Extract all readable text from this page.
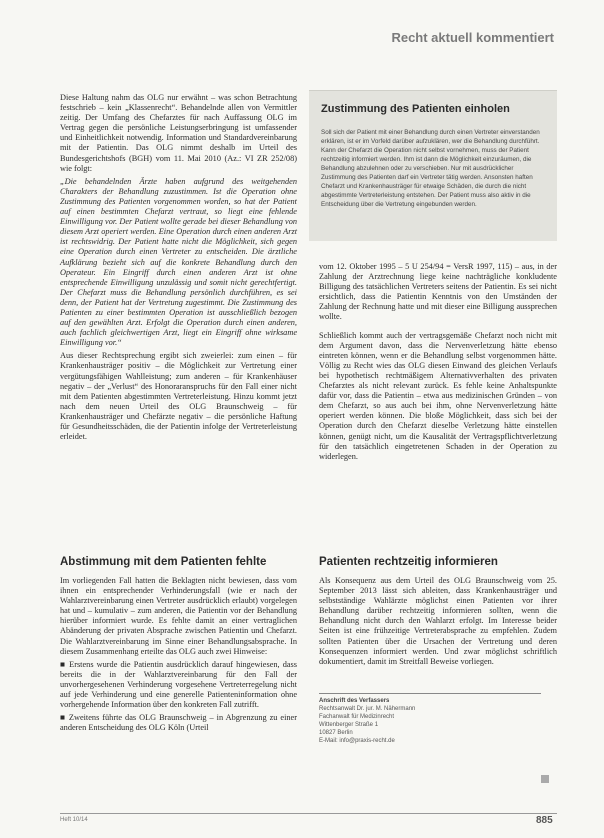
Recht aktuell kommentiert

Diese Haltung nahm das OLG nur erwähnt – was schon Betrachtung festschrieb – kein „Klassenrecht“. Behandelnde allen von Vermittler zeitig. Der Umfang des Chefarztes für nach Auffassung OLG im Vertrag gegen die persönliche Leistungserbringung ist umfassender und Einheitlichkeit notwendig. Information und Standardvereinbarung mit der Patientin. Das OLG nimmt deshalb im Urteil des Bundesgerichtshofs (BGH) vom 11. Mai 2010 (Az.: VI ZR 252/08) wie folgt:

„Die behandelnden Ärzte haben aufgrund des weitgehenden Charakters der Behandlung zuzustimmen. Ist die Operation ohne Zustimmung des Patienten vorgenommen worden, so hat der Patient auf einen bestimmten Chefarzt vertraut, so liegt eine fehlende Einwilligung vor. Der Patient wollte gerade bei dieser Behandlung von diesem Arzt operiert werden. Eine Operation durch einen anderen Arzt ist rechtswidrig. Der Patient hatte nicht die Möglichkeit, sich gegen eine Operation durch einen Vertreter zu entscheiden. Die ärztliche Aufklärung bezieht sich auf die konkrete Behandlung durch den Operateur. Ein Eingriff durch einen anderen Arzt ist ohne entsprechende Einwilligung unzulässig und somit nicht gerechtfertigt. Der Chefarzt muss die Behandlung persönlich durchführen, es sei denn, der Patient hat der Vertretung zugestimmt. Die Zustimmung des Patienten zu einer bestimmten Operation ist ausschließlich bezogen auf den gewählten Arzt. Erfolgt die Operation durch einen anderen, auch fachlich gleichwertigen Arzt, liegt ein Eingriff ohne wirksame Einwilligung vor.“

Aus dieser Rechtsprechung ergibt sich zweierlei: zum einen – für Krankenhausträger positiv – die Möglichkeit zur Vertretung einer vergütungsfähigen Wahlleistung; zum anderen – für Krankenhäuser negativ – der „Verlust“ des Honoraranspruchs für den Fall einer nicht mit dem Patienten abgestimmten Vertreterleistung. Hinzu kommt jetzt nach dem neuen Urteil des OLG Braunschweig – für Krankenhausträger und Chefärzte negativ – die persönliche Haftung für Gesundheitsschäden, die der Patientin infolge der Vertreterleistung erleidet.

Abstimmung mit dem Patienten fehlte

Im vorliegenden Fall hatten die Beklagten nicht bewiesen, dass vom ihnen ein entsprechender Verhinderungsfall (wie er nach der Wahlarztvereinbarung einen Vertreter ausdrücklich erlaubt) vorgelegen hat und – kumulativ – zum anderen, die Patientin vor der Behandlung hierüber informiert wurde. Es fehlte damit an einer vertraglichen Abänderung der privaten Absprache zwischen Patientin und Chefarzt. Die Wahlarztvereinbarung im Sinne einer Behandlungsabsprache. In diesem Zusammenhang erteilte das OLG auch zwei Hinweise:

■ Erstens wurde die Patientin ausdrücklich darauf hingewiesen, dass bereits die in der Wahlarztvereinbarung für den Fall der unvorhergesehenen Verhinderung vorgesehene Vertreterregelung nicht auf jede Verhinderung und eine generelle Patienteninformation ohne vorhergehende Information über den konkreten Fall zutrifft.

■ Zweitens führte das OLG Braunschweig – in Abgrenzung zu einer anderen Entscheidung des OLG Köln (Urteil

Zustimmung des Patienten einholen
Soll sich der Patient mit einer Behandlung durch einen Vertreter einverstanden erklären, ist er im Vorfeld darüber aufzuklären, wer die Behandlung durchführt. Kann der Chefarzt die Operation nicht selbst vornehmen, muss der Patient rechtzeitig informiert werden. Ihm ist dann die Möglichkeit einzuräumen, die Behandlung abzulehnen oder zu verschieben. Nur mit ausdrücklicher Zustimmung des Patienten darf ein Vertreter tätig werden. Ansonsten haften Chefarzt und Krankenhausträger für etwaige Schäden, die durch die nicht abgestimmte Vertreterleistung entstehen. Der Patient muss also aktiv in die Entscheidung über die Vertretung eingebunden werden.

vom 12. Oktober 1995 – 5 U 254/94 = VersR 1997, 115) – aus, in der Zahlung der Arztrechnung liege keine nachträgliche konkludente Billigung des tatsächlichen Vertreters seitens der Patientin. Es sei nicht ersichtlich, dass die Patientin Kenntnis von den Umständen der Zahlung der Rechnung hatte und mit dieser eine Billigung aussprechen wollte.

Schließlich kommt auch der vertragsgemäße Chefarzt noch nicht mit dem Argument davon, dass die Nervenverletzung hätte ebenso eintreten können, wenn er die Behandlung selbst vorgenommen hätte. Völlig zu Recht wies das OLG diesen Einwand des gleichen Verlaufs bei hypothetisch rechtmäßigem Alternativverhalten des privaten Chefarztes als nicht relevant zurück. Es fehle keine Anhaltspunkte dafür vor, dass die Patientin – etwa aus medizinischen Gründen – von dem Chefarzt, so aus auch bei ihm, ohne Nervenverletzung hätte operiert werden können. Die bloße Möglichkeit, dass sich bei der Operation durch den Chefarzt dieselbe Verletzung hätte einstellen können, genügt nicht, um die Kausalität der Vertragspflichtverletzung für den tatsächlich eingetretenen Schaden in der Operation zu widerlegen.

Patienten rechtzeitig informieren

Als Konsequenz aus dem Urteil des OLG Braunschweig vom 25. September 2013 lässt sich ableiten, dass Krankenhausträger und selbstständige Wahlärzte möglichst einen Patienten vor ihrer Behandlung darüber rechtzeitig informieren sollten, wenn die Behandlung nicht durch den Wahlarzt erfolgt. Im Interesse beider Seiten ist eine frühzeitige Vertreterabsprache zu empfehlen. Zudem sollten Patienten über die Ursachen der Vertretung und deren Konsequenzen informiert werden. Und zwar möglichst schriftlich dokumentiert, damit im Streitfall Beweise vorliegen.

Anschrift des Verfassers
Rechtsanwalt Dr. jur. M. Nähermann
Fachanwalt für Medizinrecht
Wittenberger Straße 1
10827 Berlin
E-Mail: info@praxis-recht.de
Heft 10/14	885
